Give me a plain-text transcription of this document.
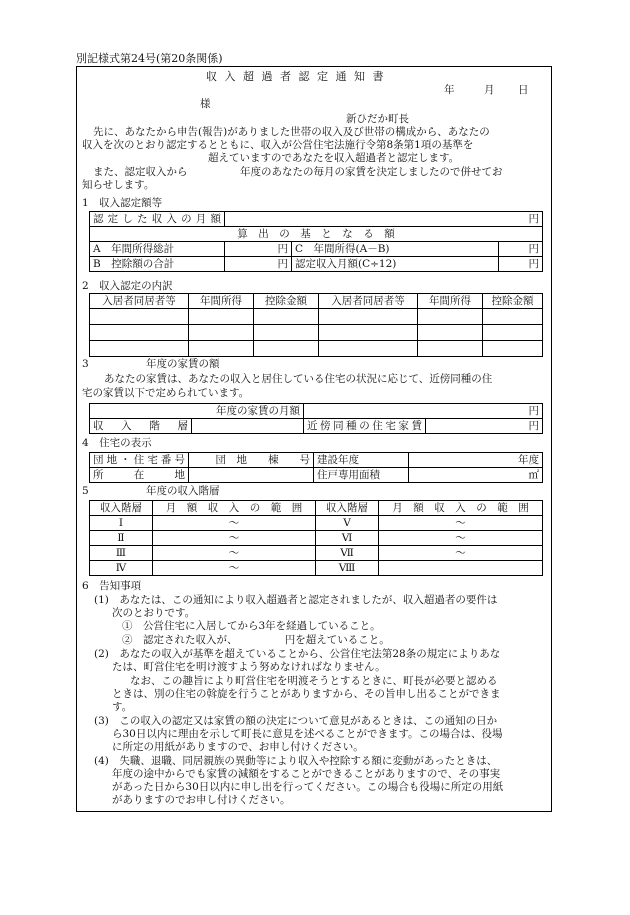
別記様式第24号(第20条関係)
収 入 超 過 者 認 定 通 知 書
年	月 日
様
新ひだか町長
先に、あなたから申告(報告)がありました世帯の収入及び世帯の構成から、あなたの
収入を次のとおり認定するとともに、収入が公営住宅法施行令第8条第1項の基準を
超えていますのであなたを収入超過者と認定します。
また、認定収入から　　　　　年度のあなたの毎月の家賃を決定しましたので併せてお
知らせします。
1　収入認定額等
認定した収入の月額	円		
算　出　の　基　と　な　る　額			
A　年間所得総計	円	C　年間所得(A－B)	円
B　控除額の合計	円	認定収入月額(C÷12)	円
2　収入認定の内訳
入居者同居者等	年間所得	控除金額	入居者同居者等	年間所得	控除金額

3	年度の家賃の額
あなたの家賃は、あなたの収入と居住している住宅の状況に応じて、近傍同種の住
宅の家賃以下で定められています。
年度の家賃の月額		円	
収　入　階　層		近傍同種の住宅家賃	円
4　住宅の表示
団地・住宅番号	団　地　　棟　　号	建設年度	年度
所　在　地		住戸専用面積	㎡
5	年度の収入階層
収入階層	月　額　収　入　の　範　囲	収入階層	月　額　収　入　の　範　囲
Ⅰ	～	Ⅴ	～
Ⅱ	～	Ⅵ	～
Ⅲ	～	Ⅶ	～
Ⅳ	～	Ⅷ	
6　告知事項
(1)　あなたは、この通知により収入超過者と認定されましたが、収入超過者の要件は
次のとおりです。
①　公営住宅に入居してから3年を経過していること。
②　認定された収入が、　　　　　円を超えていること。
(2)　あなたの収入が基準を超えていることから、公営住宅法第28条の規定によりあな
たは、町営住宅を明け渡すよう努めなければなりません。
なお、この趣旨により町営住宅を明渡そうとするときに、町長が必要と認める
ときは、別の住宅の斡旋を行うことがありますから、その旨申し出ることができま
す。
(3)　この収入の認定又は家賃の額の決定について意見があるときは、この通知の日か
ら30日以内に理由を示して町長に意見を述べることができます。この場合は、役場
に所定の用紙がありますので、お申し付けください。
(4)　失職、退職、同居親族の異動等により収入や控除する額に変動があったときは、
年度の途中からでも家賃の減額をすることができることがありますので、その事実
があった日から30日以内に申し出を行ってください。この場合も役場に所定の用紙
がありますのでお申し付けください。
